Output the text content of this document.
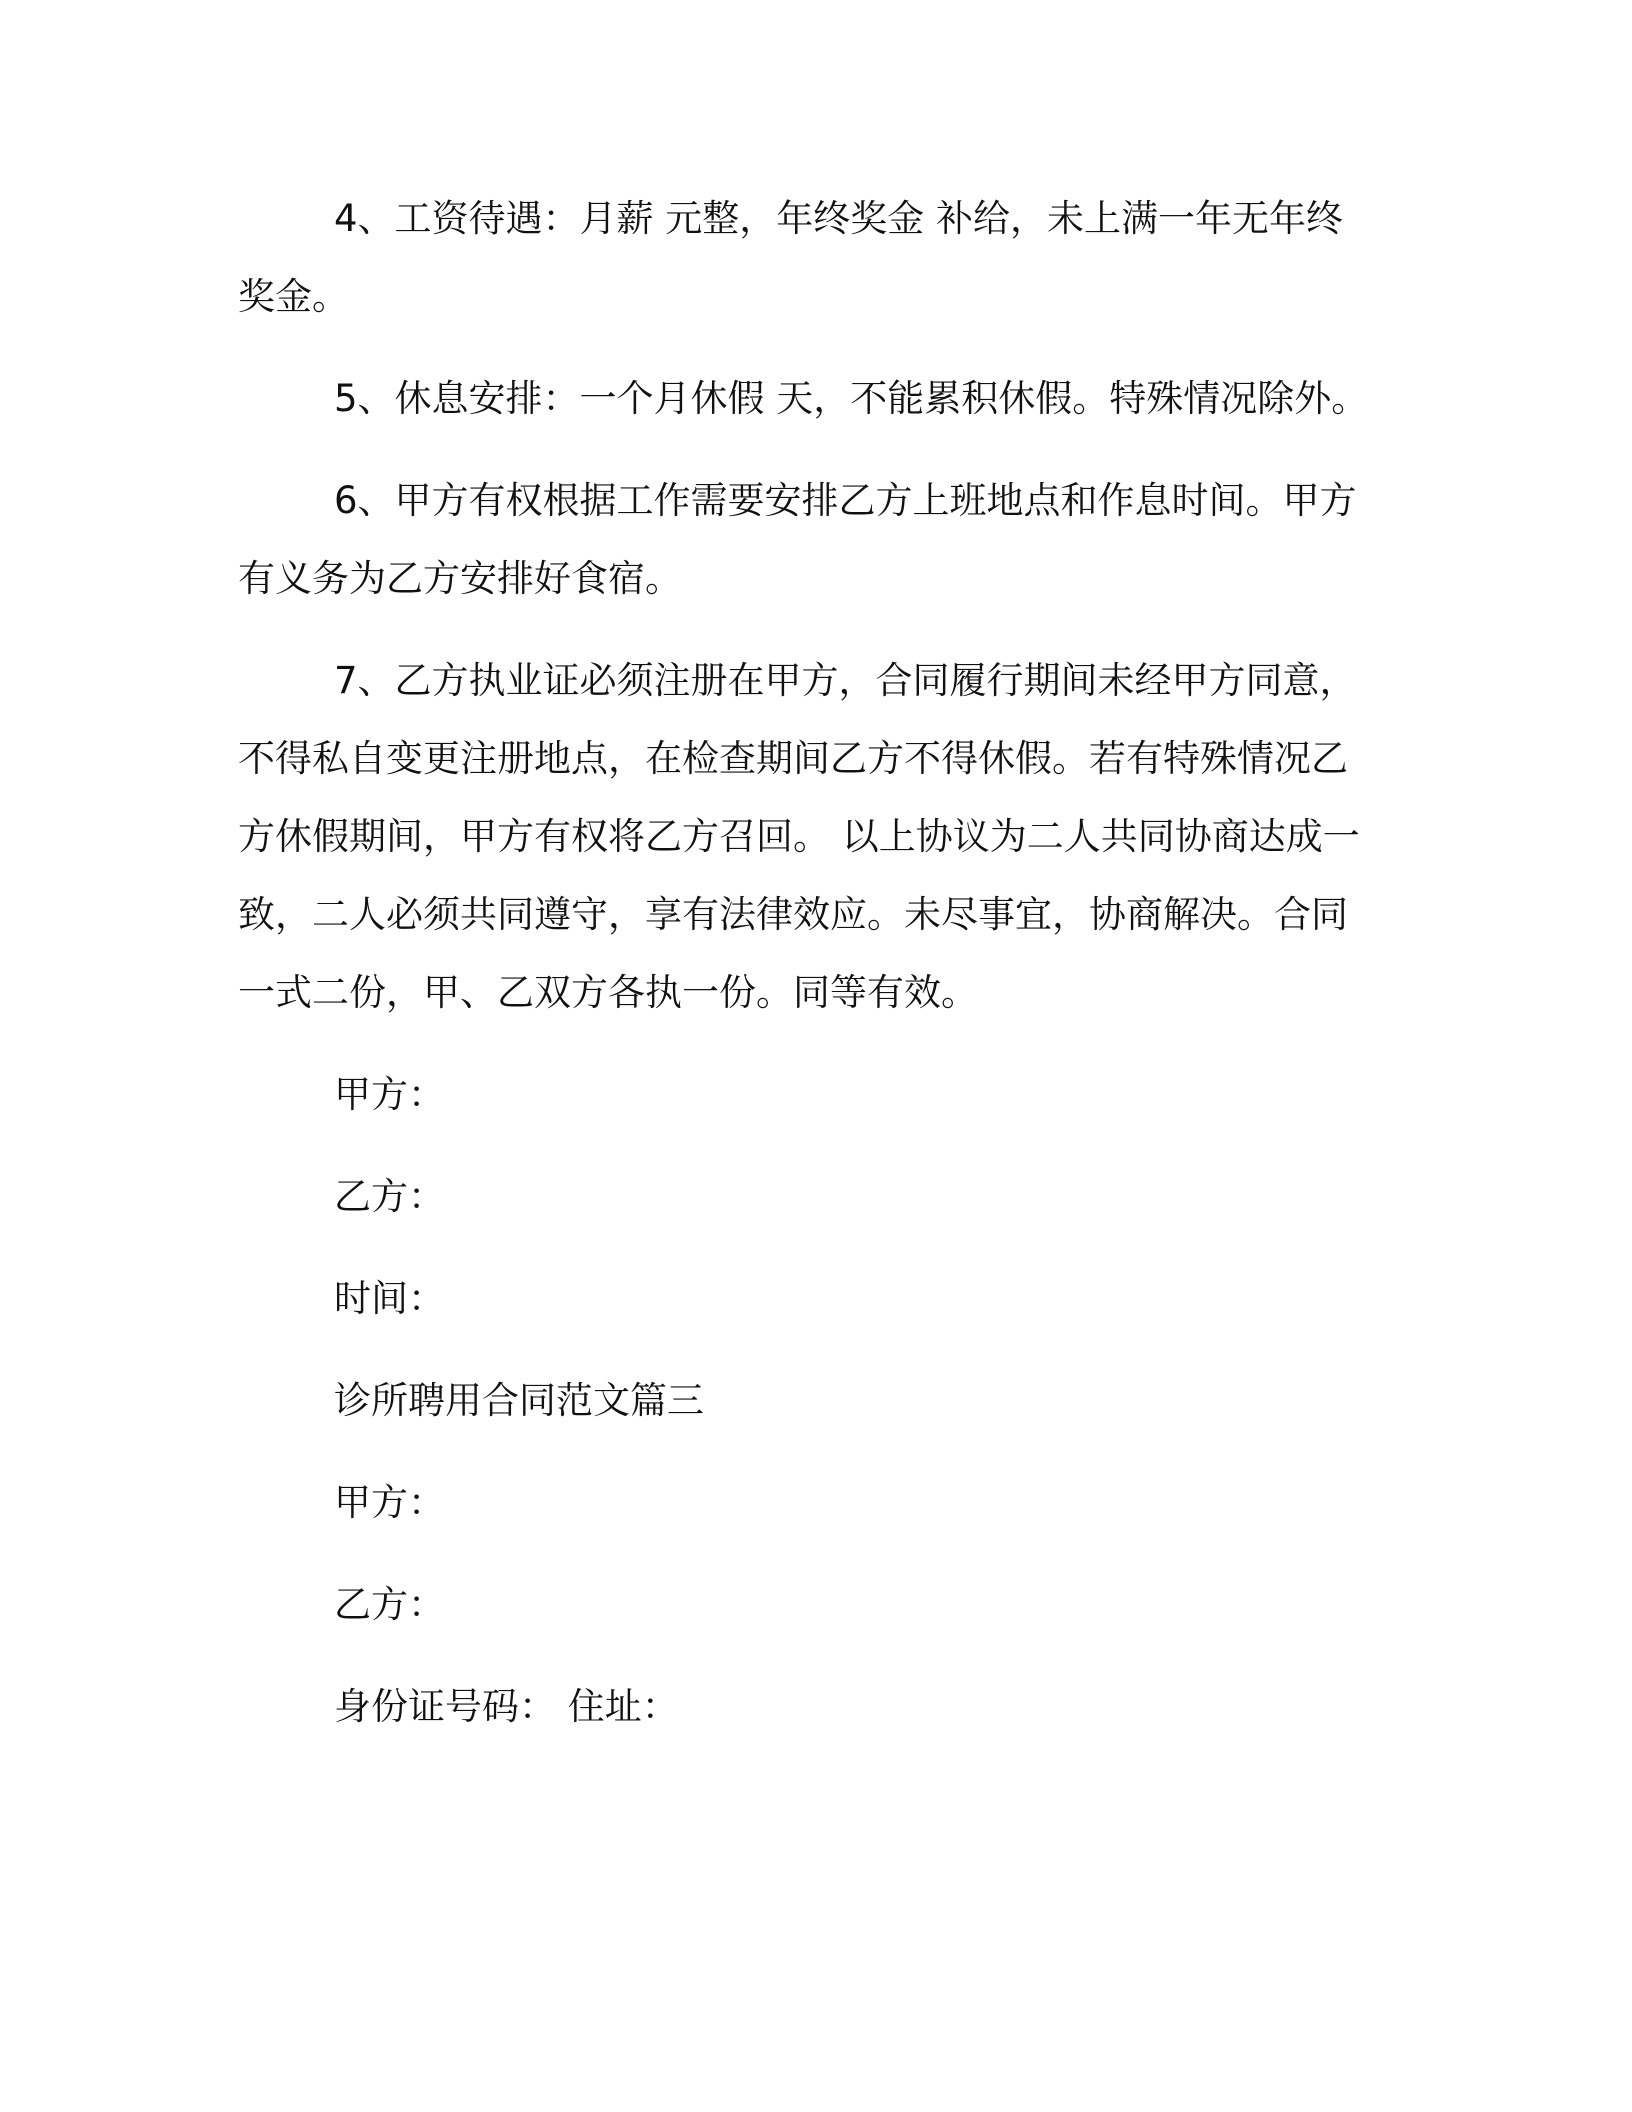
4、工资待遇：月薪 元整，年终奖金 补给，未上满一年无年终奖金。

5、休息安排：一个月休假 天，不能累积休假。特殊情况除外。

6、甲方有权根据工作需要安排乙方上班地点和作息时间。甲方有义务为乙方安排好食宿。

7、乙方执业证必须注册在甲方，合同履行期间未经甲方同意，不得私自变更注册地点，在检查期间乙方不得休假。若有特殊情况乙方休假期间，甲方有权将乙方召回。 以上协议为二人共同协商达成一致，二人必须共同遵守，享有法律效应。未尽事宜，协商解决。合同一式二份，甲、乙双方各执一份。同等有效。

甲方：

乙方：

时间：

诊所聘用合同范文篇三

甲方：

乙方：

身份证号码： 住址：
